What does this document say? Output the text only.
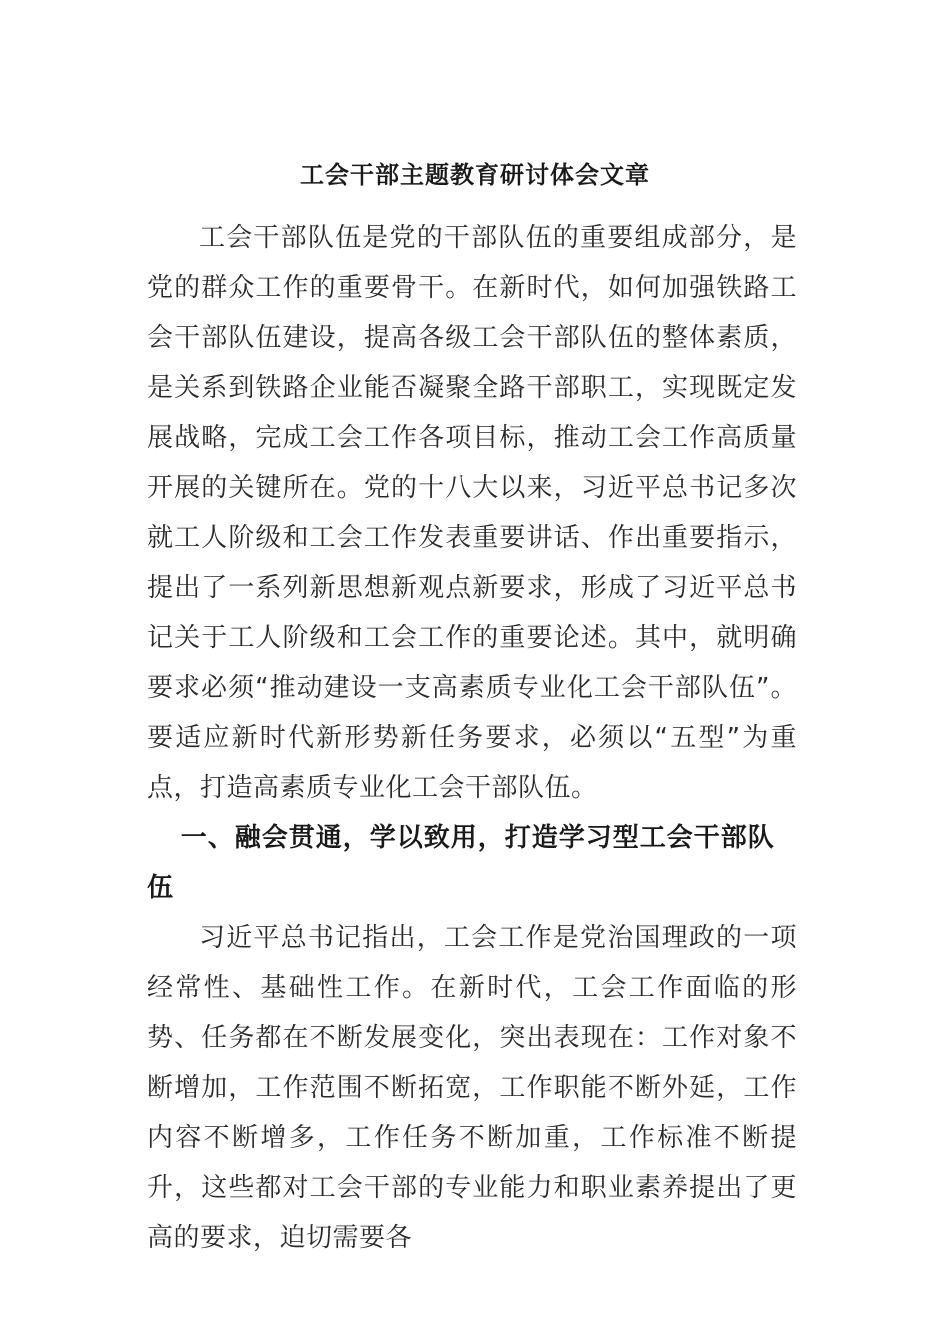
工会干部主题教育研讨体会文章

工会干部队伍是党的干部队伍的重要组成部分，是党的群众工作的重要骨干。在新时代，如何加强铁路工会干部队伍建设，提高各级工会干部队伍的整体素质，是关系到铁路企业能否凝聚全路干部职工，实现既定发展战略，完成工会工作各项目标，推动工会工作高质量开展的关键所在。党的十八大以来，习近平总书记多次就工人阶级和工会工作发表重要讲话、作出重要指示，提出了一系列新思想新观点新要求，形成了习近平总书记关于工人阶级和工会工作的重要论述。其中，就明确要求必须“推动建设一支高素质专业化工会干部队伍”。要适应新时代新形势新任务要求，必须以“五型”为重点，打造高素质专业化工会干部队伍。

一、融会贯通，学以致用，打造学习型工会干部队伍

习近平总书记指出，工会工作是党治国理政的一项经常性、基础性工作。在新时代，工会工作面临的形势、任务都在不断发展变化，突出表现在：工作对象不断增加，工作范围不断拓宽，工作职能不断外延，工作内容不断增多，工作任务不断加重，工作标准不断提升，这些都对工会干部的专业能力和职业素养提出了更高的要求，迫切需要各
